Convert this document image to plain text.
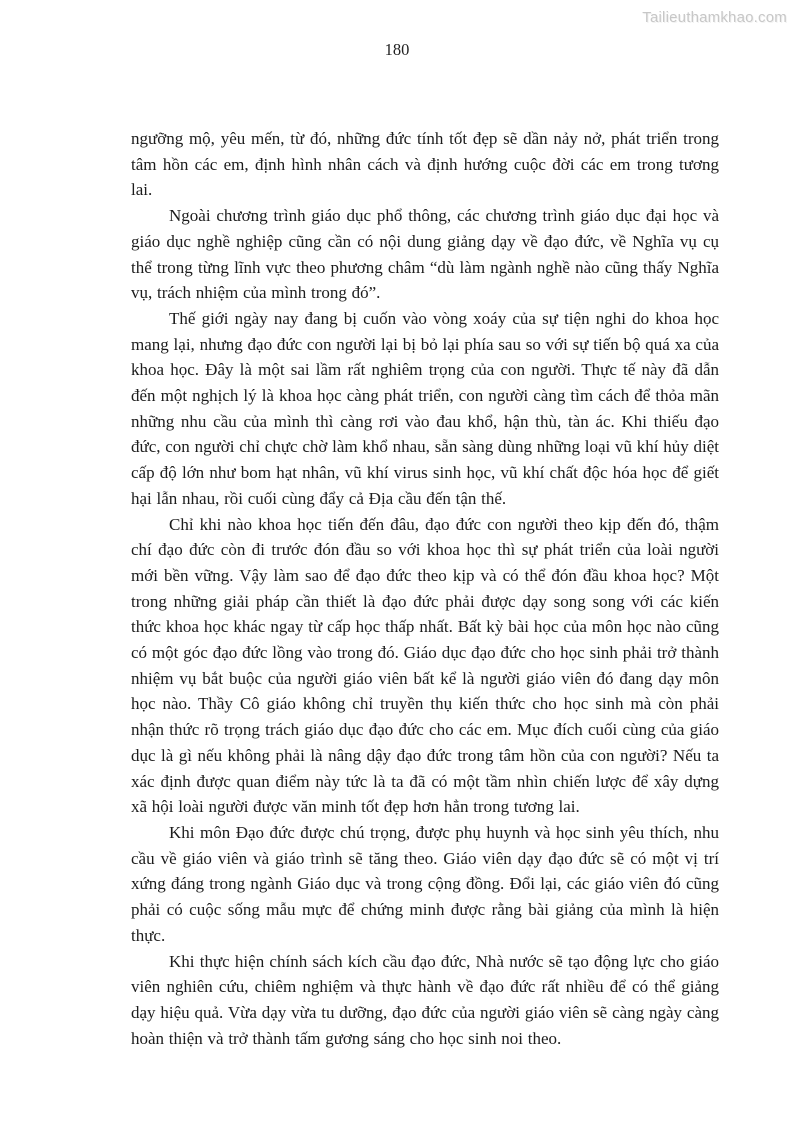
Tailieuthamkhao.com
180

ngưỡng mộ, yêu mến, từ đó, những đức tính tốt đẹp sẽ dần nảy nở, phát triển trong tâm hồn các em, định hình nhân cách và định hướng cuộc đời các em trong tương lai.

Ngoài chương trình giáo dục phổ thông, các chương trình giáo dục đại học và giáo dục nghề nghiệp cũng cần có nội dung giảng dạy về đạo đức, về Nghĩa vụ cụ thể trong từng lĩnh vực theo phương châm “dù làm ngành nghề nào cũng thấy Nghĩa vụ, trách nhiệm của mình trong đó”.

Thế giới ngày nay đang bị cuốn vào vòng xoáy của sự tiện nghi do khoa học mang lại, nhưng đạo đức con người lại bị bỏ lại phía sau so với sự tiến bộ quá xa của khoa học. Đây là một sai lầm rất nghiêm trọng của con người. Thực tế này đã dẫn đến một nghịch lý là khoa học càng phát triển, con người càng tìm cách để thỏa mãn những nhu cầu của mình thì càng rơi vào đau khổ, hận thù, tàn ác. Khi thiếu đạo đức, con người chỉ chực chờ làm khổ nhau, sẵn sàng dùng những loại vũ khí hủy diệt cấp độ lớn như bom hạt nhân, vũ khí virus sinh học, vũ khí chất độc hóa học để giết hại lẫn nhau, rồi cuối cùng đẩy cả Địa cầu đến tận thế.

Chỉ khi nào khoa học tiến đến đâu, đạo đức con người theo kịp đến đó, thậm chí đạo đức còn đi trước đón đầu so với khoa học thì sự phát triển của loài người mới bền vững. Vậy làm sao để đạo đức theo kịp và có thể đón đầu khoa học? Một trong những giải pháp cần thiết là đạo đức phải được dạy song song với các kiến thức khoa học khác ngay từ cấp học thấp nhất. Bất kỳ bài học của môn học nào cũng có một góc đạo đức lồng vào trong đó. Giáo dục đạo đức cho học sinh phải trở thành nhiệm vụ bắt buộc của người giáo viên bất kể là người giáo viên đó đang dạy môn học nào. Thầy Cô giáo không chỉ truyền thụ kiến thức cho học sinh mà còn phải nhận thức rõ trọng trách giáo dục đạo đức cho các em. Mục đích cuối cùng của giáo dục là gì nếu không phải là nâng dậy đạo đức trong tâm hồn của con người? Nếu ta xác định được quan điểm này tức là ta đã có một tầm nhìn chiến lược để xây dựng xã hội loài người được văn minh tốt đẹp hơn hẳn trong tương lai.

Khi môn Đạo đức được chú trọng, được phụ huynh và học sinh yêu thích, nhu cầu về giáo viên và giáo trình sẽ tăng theo. Giáo viên dạy đạo đức sẽ có một vị trí xứng đáng trong ngành Giáo dục và trong cộng đồng. Đổi lại, các giáo viên đó cũng phải có cuộc sống mẫu mực để chứng minh được rằng bài giảng của mình là hiện thực.

Khi thực hiện chính sách kích cầu đạo đức, Nhà nước sẽ tạo động lực cho giáo viên nghiên cứu, chiêm nghiệm và thực hành về đạo đức rất nhiều để có thể giảng dạy hiệu quả. Vừa dạy vừa tu dưỡng, đạo đức của người giáo viên sẽ càng ngày càng hoàn thiện và trở thành tấm gương sáng cho học sinh noi theo.
